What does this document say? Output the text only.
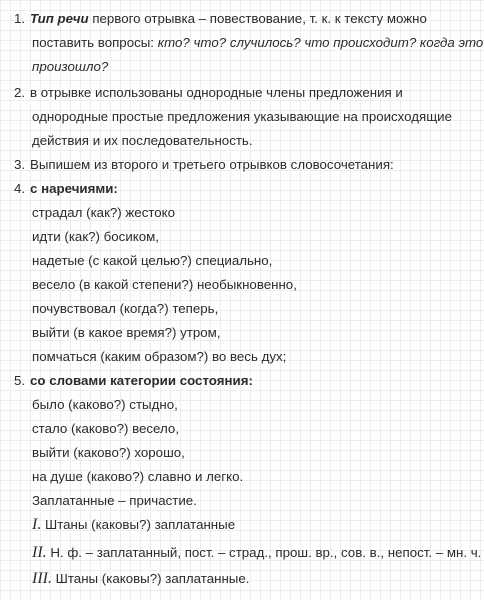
1. Тип речи первого отрывка – повествование, т. к. к тексту можно
поставить вопросы: кто? что? случилось? что происходит? когда это
произошло?
2. в отрывке использованы однородные члены предложения и
однородные простые предложения указывающие на происходящие
действия и их последовательность.
3. Выпишем из второго и третьего отрывков словосочетания:
4. с наречиями:
страдал (как?) жестоко
идти (как?) босиком,
надетые (с какой целью?) специально,
весело (в какой степени?) необыкновенно,
почувствовал (когда?) теперь,
выйти (в какое время?) утром,
помчаться (каким образом?) во весь дух;
5. со словами категории состояния:
было (каково?) стыдно,
стало (каково?) весело,
выйти (каково?) хорошо,
на душе (каково?) славно и легко.
Заплатанные – причастие.
I. Штаны (каковы?) заплатанные
II. Н. ф. – заплатанный, пост. – страд., прош. вр., сов. в., непост. – мн. ч.
III. Штаны (каковы?) заплатанные.
